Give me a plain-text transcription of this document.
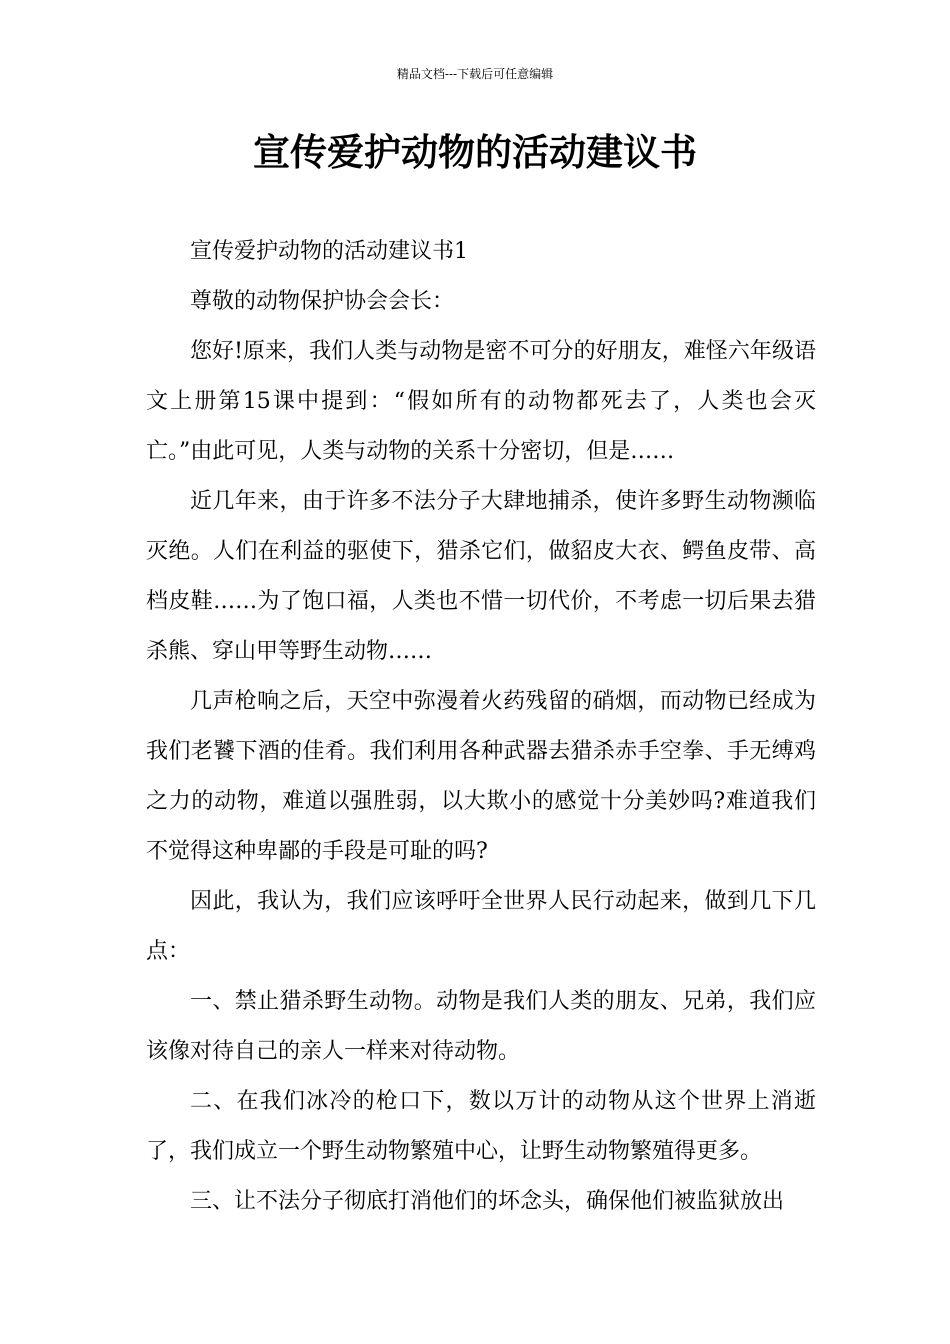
精品文档---下载后可任意编辑
宣传爱护动物的活动建议书

宣传爱护动物的活动建议书1

尊敬的动物保护协会会长：

您好!原来，我们人类与动物是密不可分的好朋友，难怪六年级语文上册第15课中提到：“假如所有的动物都死去了，人类也会灭亡。”由此可见，人类与动物的关系十分密切，但是……

近几年来，由于许多不法分子大肆地捕杀，使许多野生动物濒临灭绝。人们在利益的驱使下，猎杀它们，做貂皮大衣、鳄鱼皮带、高档皮鞋……为了饱口福，人类也不惜一切代价，不考虑一切后果去猎杀熊、穿山甲等野生动物……

几声枪响之后，天空中弥漫着火药残留的硝烟，而动物已经成为我们老饕下酒的佳肴。我们利用各种武器去猎杀赤手空拳、手无缚鸡之力的动物，难道以强胜弱，以大欺小的感觉十分美妙吗?难道我们不觉得这种卑鄙的手段是可耻的吗?

因此，我认为，我们应该呼吁全世界人民行动起来，做到几下几点：

一、禁止猎杀野生动物。动物是我们人类的朋友、兄弟，我们应该像对待自己的亲人一样来对待动物。

二、在我们冰冷的枪口下，数以万计的动物从这个世界上消逝了，我们成立一个野生动物繁殖中心，让野生动物繁殖得更多。

三、让不法分子彻底打消他们的坏念头，确保他们被监狱放出
